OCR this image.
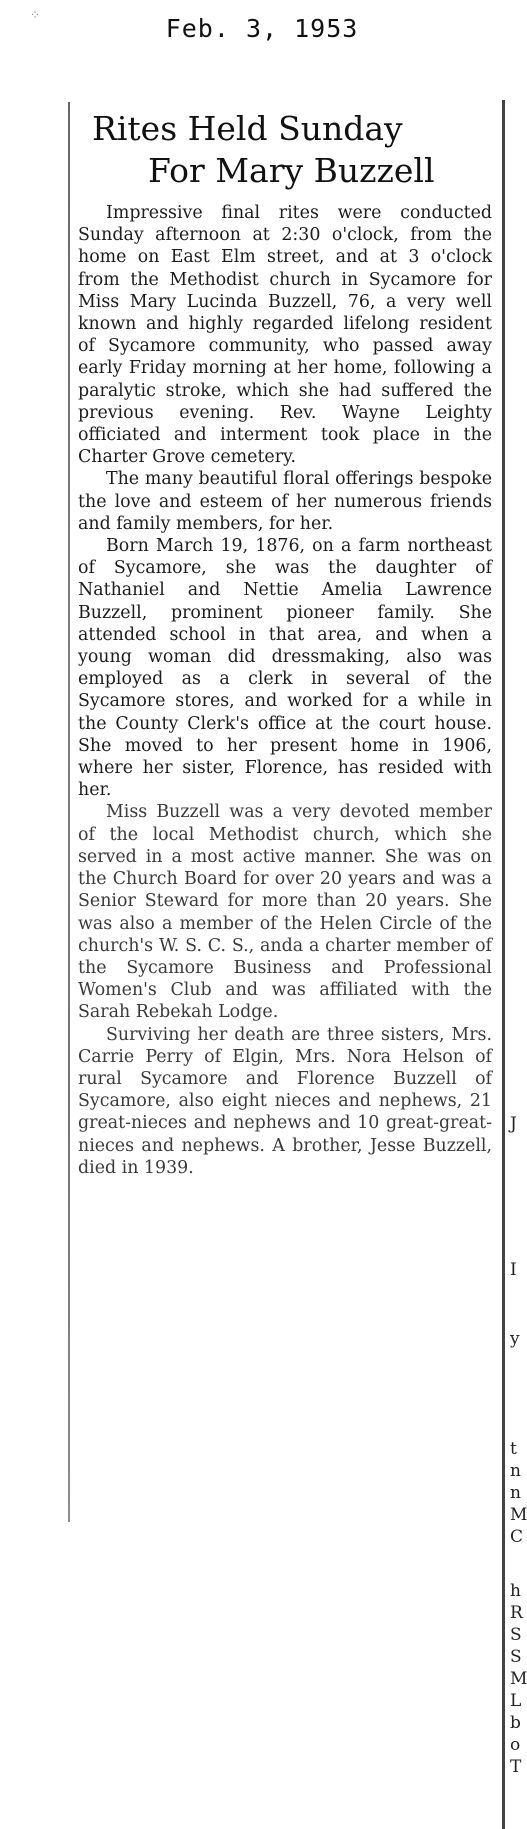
Feb. 3, 1953
⁘
Rites Held Sunday
For Mary Buzzell

Impressive final rites were conducted Sunday afternoon at 2:30 o'clock, from the home on East Elm street, and at 3 o'clock from the Methodist church in Sycamore for Miss Mary Lucinda Buzzell, 76, a very well known and highly regarded lifelong resident of Sycamore community, who passed away early Friday morning at her home, following a paralytic stroke, which she had suffered the previous evening. Rev. Wayne Leighty officiated and interment took place in the Charter Grove cemetery.

The many beautiful floral offerings bespoke the love and esteem of her numerous friends and family members, for her.

Born March 19, 1876, on a farm northeast of Sycamore, she was the daughter of Nathaniel and Nettie Amelia Lawrence Buzzell, prominent pioneer family. She attended school in that area, and when a young woman did dressmaking, also was employed as a clerk in several of the Sycamore stores, and worked for a while in the County Clerk's office at the court house. She moved to her present home in 1906, where her sister, Florence, has resided with her.

Miss Buzzell was a very devoted member of the local Methodist church, which she served in a most active manner. She was on the Church Board for over 20 years and was a Senior Steward for more than 20 years. She was also a member of the Helen Circle of the church's W. S. C. S., anda a charter member of the Sycamore Business and Professional Women's Club and was affiliated with the Sarah Rebekah Lodge.

Surviving her death are three sisters, Mrs. Carrie Perry of Elgin, Mrs. Nora Helson of rural Sycamore and Florence Buzzell of Sycamore, also eight nieces and nephews, 21 great-nieces and nephews and 10 great-great-nieces and nephews. A brother, Jesse Buzzell, died in 1939.

J
I
y
t
n
n
M
C
h
R
S
S
M
L
b
o
T
